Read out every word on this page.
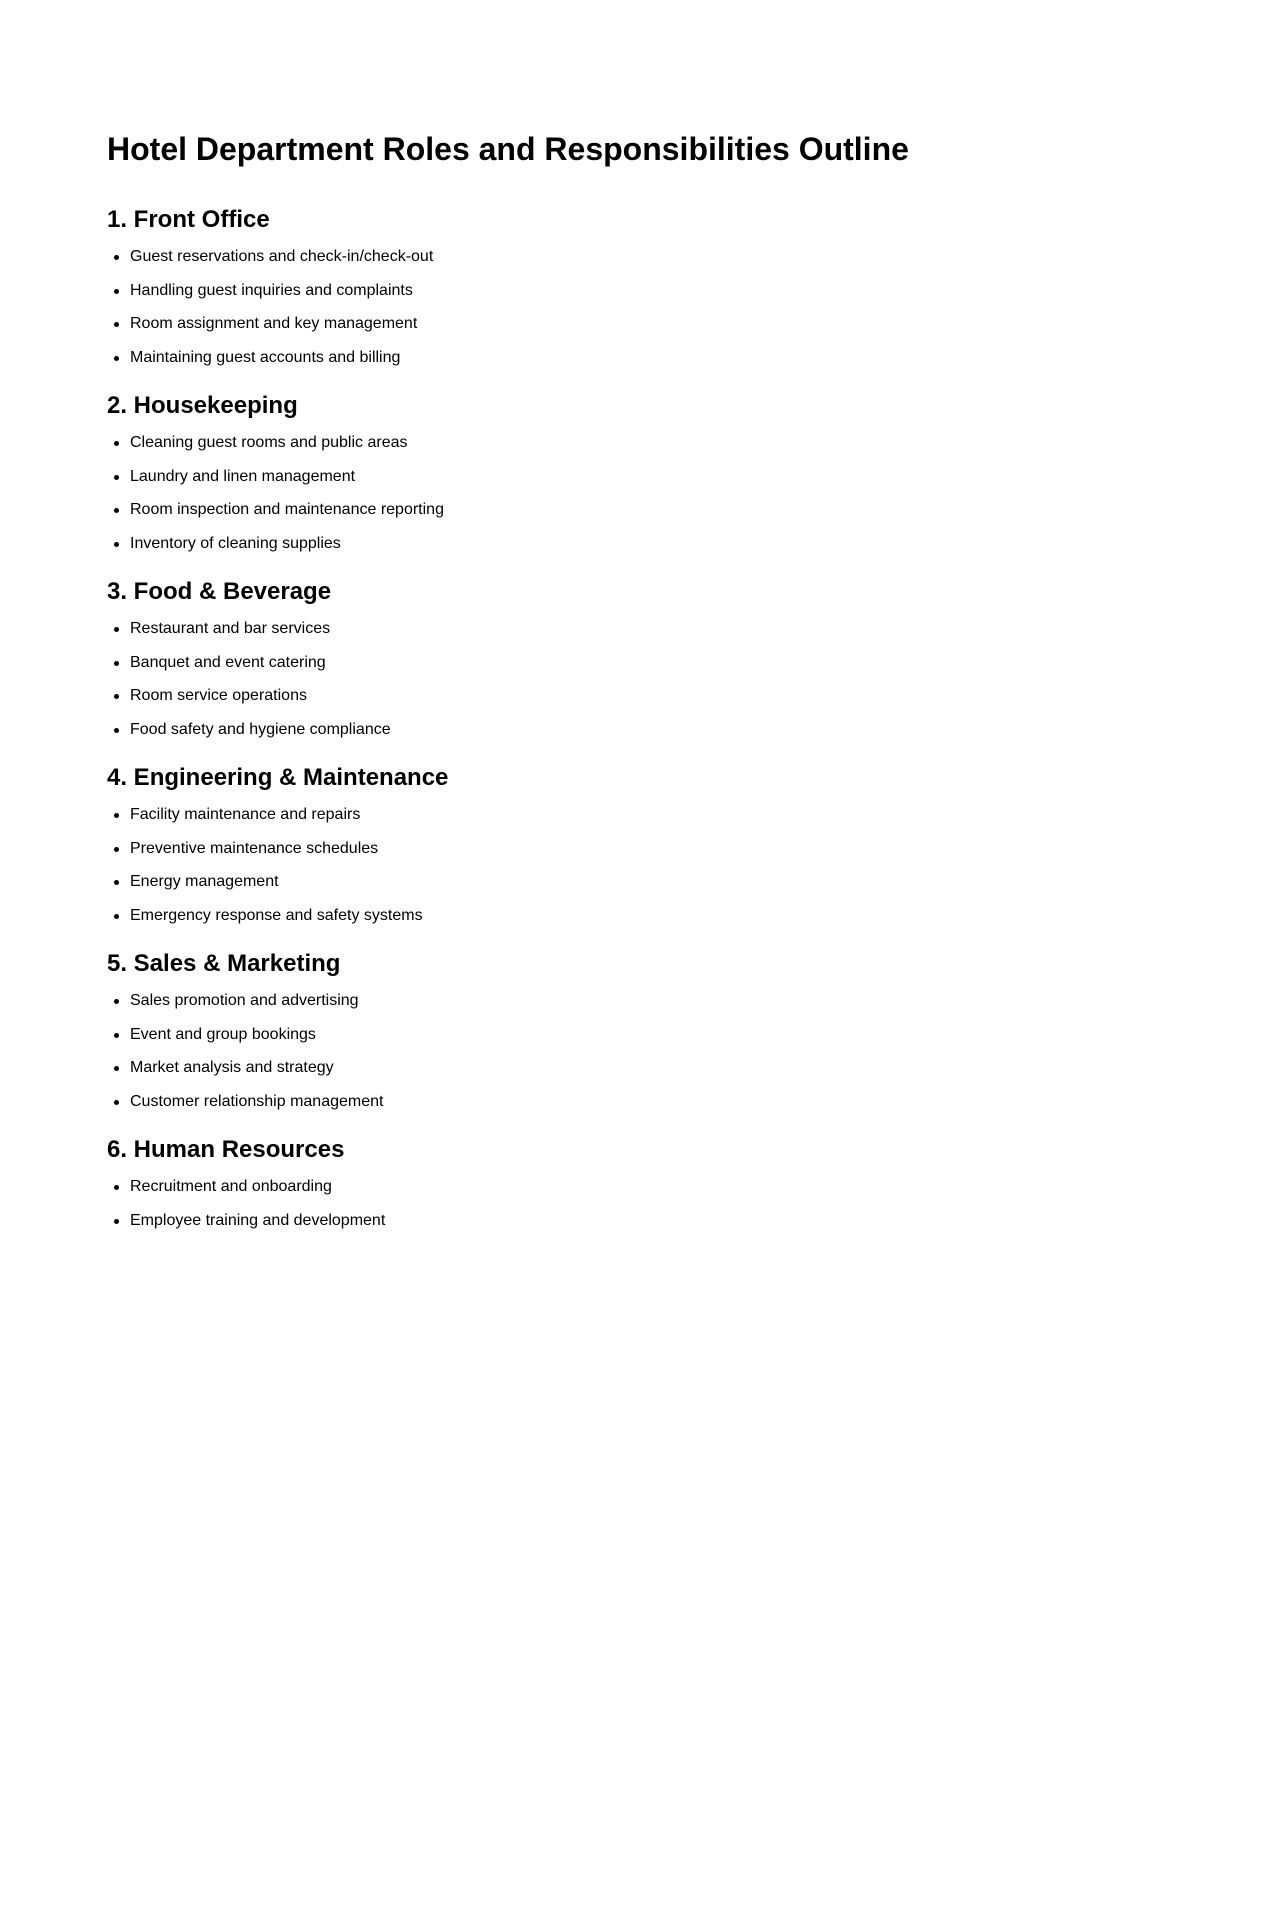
Hotel Department Roles and Responsibilities Outline
1. Front Office
Guest reservations and check-in/check-out
Handling guest inquiries and complaints
Room assignment and key management
Maintaining guest accounts and billing
2. Housekeeping
Cleaning guest rooms and public areas
Laundry and linen management
Room inspection and maintenance reporting
Inventory of cleaning supplies
3. Food & Beverage
Restaurant and bar services
Banquet and event catering
Room service operations
Food safety and hygiene compliance
4. Engineering & Maintenance
Facility maintenance and repairs
Preventive maintenance schedules
Energy management
Emergency response and safety systems
5. Sales & Marketing
Sales promotion and advertising
Event and group bookings
Market analysis and strategy
Customer relationship management
6. Human Resources
Recruitment and onboarding
Employee training and development
